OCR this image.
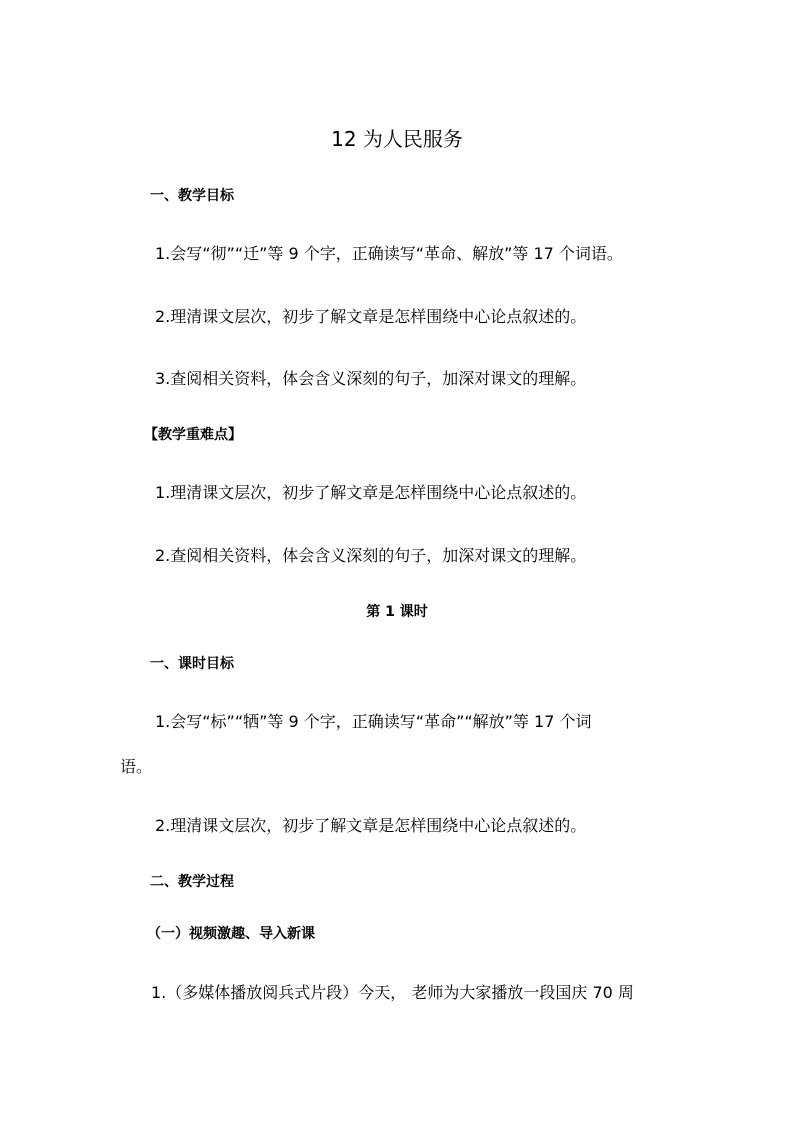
12 为人民服务
一、教学目标
1.会写“彻”“迁”等 9 个字，正确读写“革命、解放”等 17 个词语。
2.理清课文层次，初步了解文章是怎样围绕中心论点叙述的。
3.查阅相关资料，体会含义深刻的句子，加深对课文的理解。
【教学重难点】
1.理清课文层次，初步了解文章是怎样围绕中心论点叙述的。
2.查阅相关资料，体会含义深刻的句子，加深对课文的理解。
第 1 课时
一、课时目标
1.会写“标”“牺”等 9 个字，正确读写“革命”“解放”等 17 个词
语。
2.理清课文层次，初步了解文章是怎样围绕中心论点叙述的。
二、教学过程
（一）视频激趣、导入新课
1.（多媒体播放阅兵式片段）今天， 老师为大家播放一段国庆 70 周
